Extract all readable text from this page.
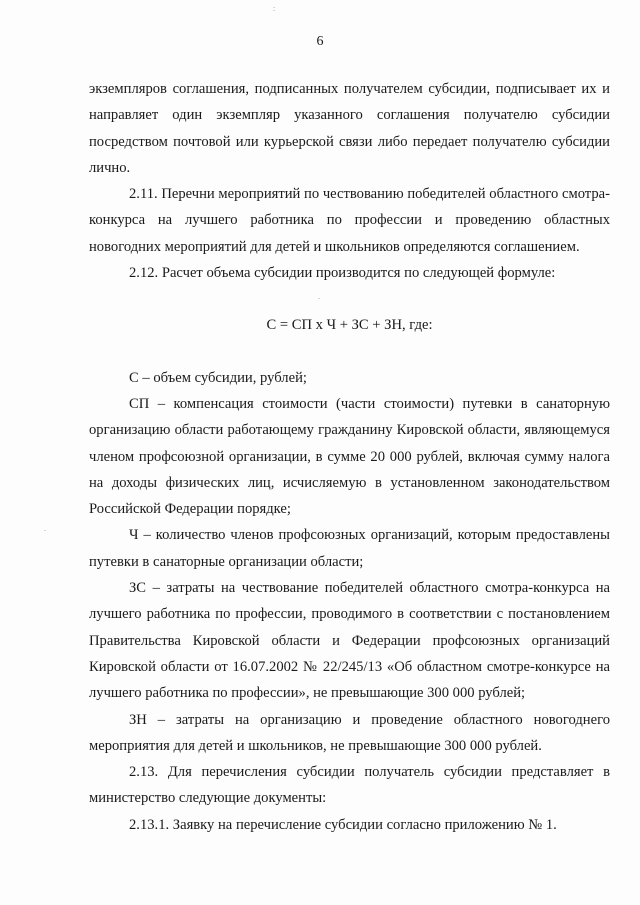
:
.
.
6

экземпляров соглашения, подписанных получателем субсидии, подписывает их и направляет один экземпляр указанного соглашения получателю субсидии посредством почтовой или курьерской связи либо передает получателю субсидии лично.

2.11. Перечни мероприятий по чествованию победителей областного смотра-конкурса на лучшего работника по профессии и проведению областных новогодних мероприятий для детей и школьников определяются соглашением.

2.12. Расчет объема субсидии производится по следующей формуле:

С = СП х Ч + ЗС + ЗН, где:

С – объем субсидии, рублей;

СП – компенсация стоимости (части стоимости) путевки в санаторную организацию области работающему гражданину Кировской области, являющемуся членом профсоюзной организации, в сумме 20 000 рублей, включая сумму налога на доходы физических лиц, исчисляемую в установленном законодательством Российской Федерации порядке;

Ч – количество членов профсоюзных организаций, которым предоставлены путевки в санаторные организации области;

ЗС – затраты на чествование победителей областного смотра-конкурса на лучшего работника по профессии, проводимого в соответствии с постановлением Правительства Кировской области и Федерации профсоюзных организаций Кировской области от 16.07.2002 № 22/245/13 «Об областном смотре-конкурсе на лучшего работника по профессии», не превышающие 300 000 рублей;

ЗН – затраты на организацию и проведение областного новогоднего мероприятия для детей и школьников, не превышающие 300 000 рублей.

2.13. Для перечисления субсидии получатель субсидии представляет в министерство следующие документы:

2.13.1. Заявку на перечисление субсидии согласно приложению № 1.
